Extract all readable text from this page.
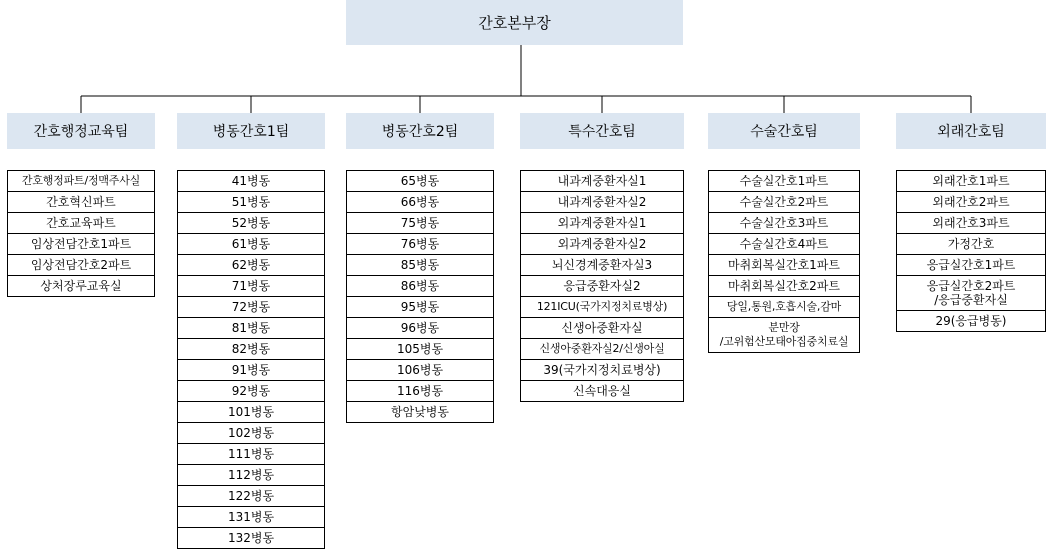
간호본부장
간호행정교육팀	병동간호1팀	병동간호2팀	특수간호팀	수술간호팀	외래간호팀
간호행정파트/정맥주사실
간호혁신파트
간호교육파트
임상전담간호1파트
임상전담간호2파트
상처장루교육실
41병동
51병동
52병동
61병동
62병동
71병동
72병동
81병동
82병동
91병동
92병동
101병동
102병동
111병동
112병동
122병동
131병동
132병동
65병동
66병동
75병동
76병동
85병동
86병동
95병동
96병동
105병동
106병동
116병동
항암낮병동
내과계중환자실1
내과계중환자실2
외과계중환자실1
외과계중환자실2
뇌신경계중환자실3
응급중환자실2
121ICU(국가지정치료병상)
신생아중환자실
신생아중환자실2/신생아실
39(국가지정치료병상)
신속대응실
수술실간호1파트
수술실간호2파트
수술실간호3파트
수술실간호4파트
마취회복실간호1파트
마취회복실간호2파트
당일,통원,호흡시술,감마
분만장
/고위험산모태아집중치료실
외래간호1파트
외래간호2파트
외래간호3파트
가정간호
응급실간호1파트
응급실간호2파트
/응급중환자실
29(응급병동)
